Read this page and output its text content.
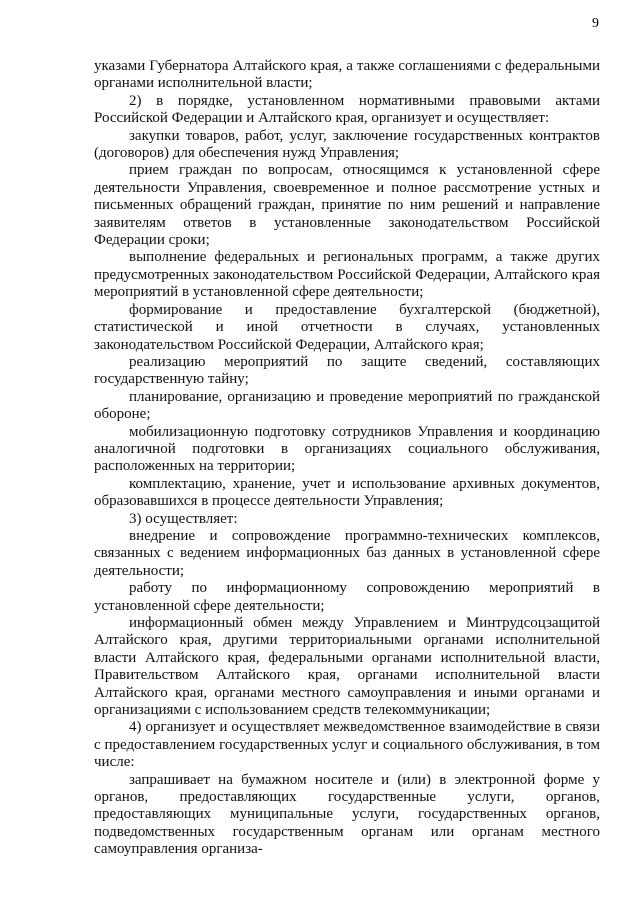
9

указами Губернатора Алтайского края, а также соглашениями с федеральными органами исполнительной власти;

2) в порядке, установленном нормативными правовыми актами Российской Федерации и Алтайского края, организует и осуществляет:

закупки товаров, работ, услуг, заключение государственных контрактов (договоров) для обеспечения нужд Управления;

прием граждан по вопросам, относящимся к установленной сфере деятельности Управления, своевременное и полное рассмотрение устных и письменных обращений граждан, принятие по ним решений и направление заявителям ответов в установленные законодательством Российской Федерации сроки;

выполнение федеральных и региональных программ, а также других предусмотренных законодательством Российской Федерации, Алтайского края мероприятий в установленной сфере деятельности;

формирование и предоставление бухгалтерской (бюджетной), статистической и иной отчетности в случаях, установленных законодательством Российской Федерации, Алтайского края;

реализацию мероприятий по защите сведений, составляющих государственную тайну;

планирование, организацию и проведение мероприятий по гражданской обороне;

мобилизационную подготовку сотрудников Управления и координацию аналогичной подготовки в организациях социального обслуживания, расположенных на территории;

комплектацию, хранение, учет и использование архивных документов, образовавшихся в процессе деятельности Управления;

3) осуществляет:

внедрение и сопровождение программно-технических комплексов, связанных с ведением информационных баз данных в установленной сфере деятельности;

работу по информационному сопровождению мероприятий в установленной сфере деятельности;

информационный обмен между Управлением и Минтрудсоцзащитой Алтайского края, другими территориальными органами исполнительной власти Алтайского края, федеральными органами исполнительной власти, Правительством Алтайского края, органами исполнительной власти Алтайского края, органами местного самоуправления и иными органами и организациями с использованием средств телекоммуникации;

4) организует и осуществляет межведомственное взаимодействие в связи с предоставлением государственных услуг и социального обслуживания, в том числе:

запрашивает на бумажном носителе и (или) в электронной форме у органов, предоставляющих государственные услуги, органов, предоставляющих муниципальные услуги, государственных органов, подведомственных государственным органам или органам местного самоуправления организа-
